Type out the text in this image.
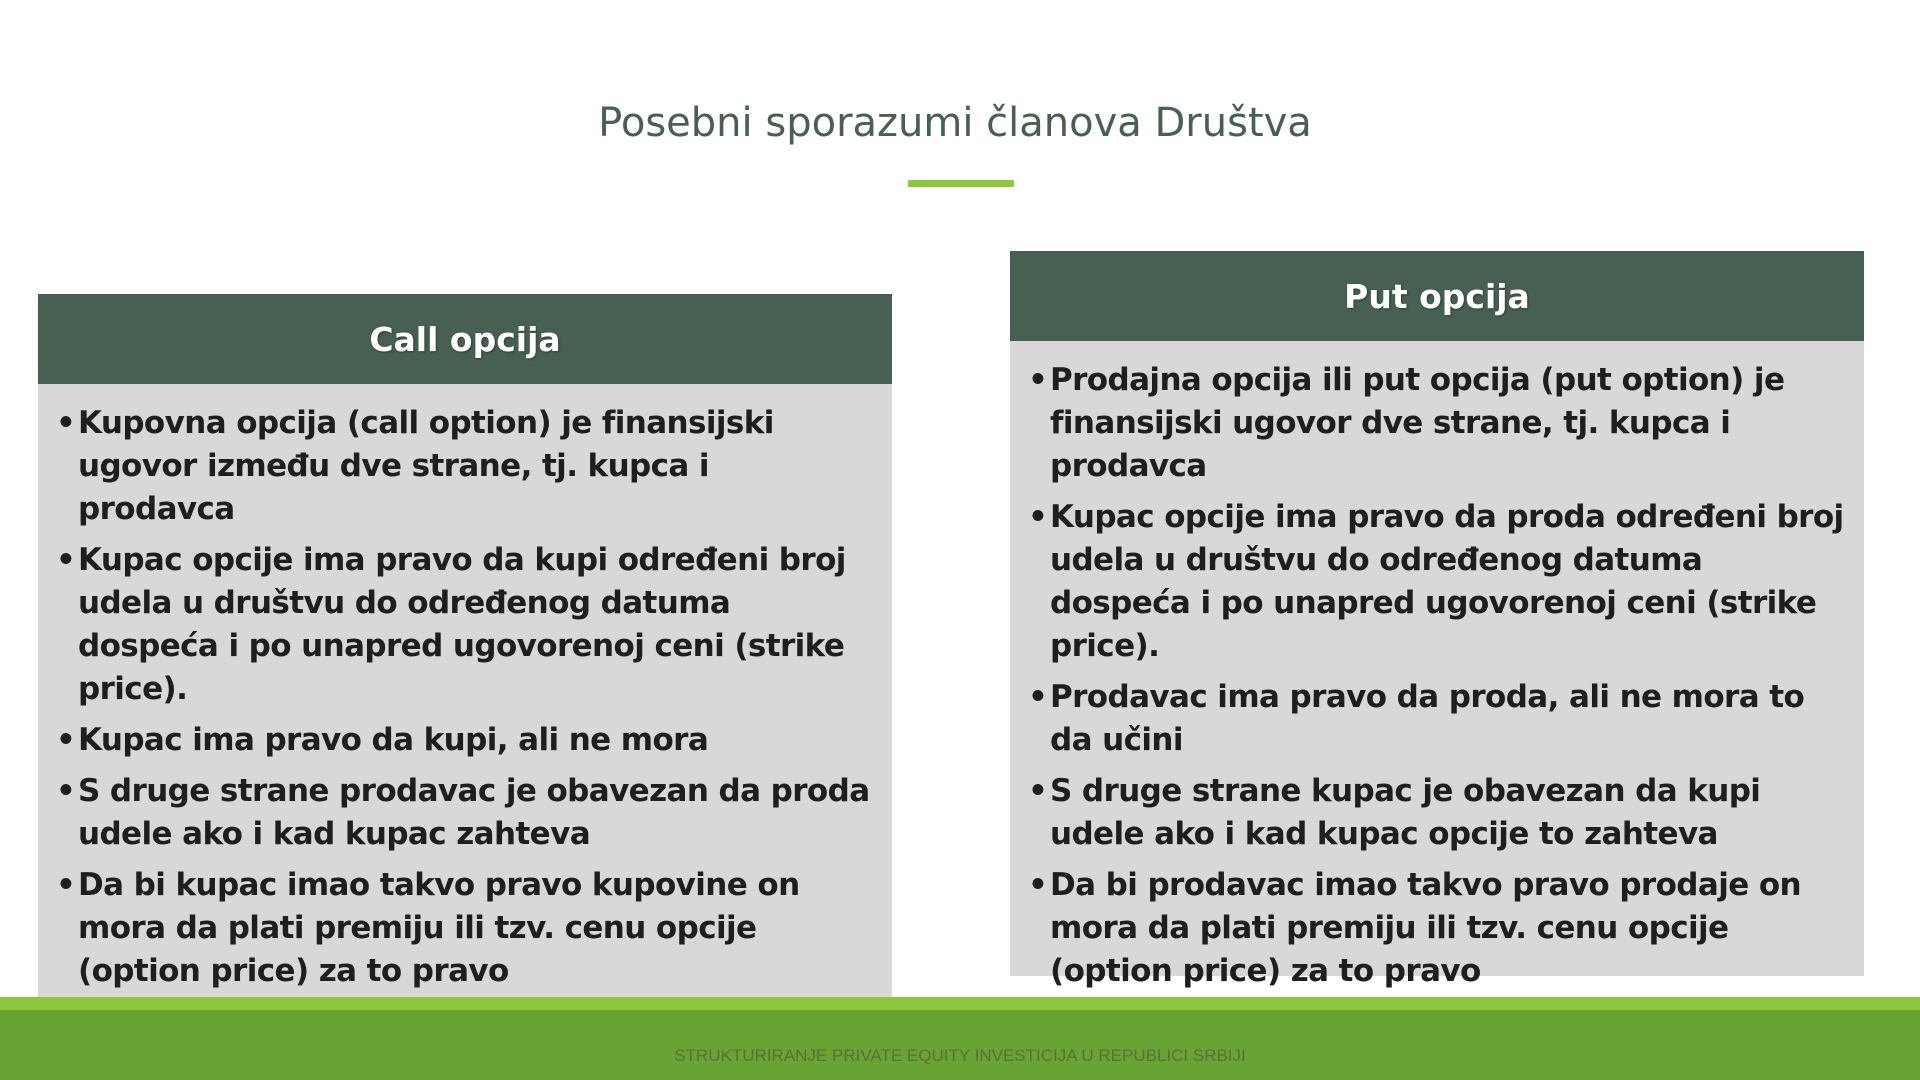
Posebni sporazumi članova Društva
Call opcija
• Kupovna opcija (call option) je finansijski ugovor između dve strane, tj. kupca i prodavca
• Kupac opcije ima pravo da kupi određeni broj udela u društvu do određenog datuma dospeća i po unapred ugovorenoj ceni (strike price).
• Kupac ima pravo da kupi, ali ne mora
• S druge strane prodavac je obavezan da proda udele ako i kad kupac zahteva
• Da bi kupac imao takvo pravo kupovine on mora da plati premiju ili tzv. cenu opcije (option price) za to pravo
Put opcija
• Prodajna opcija ili put opcija (put option) je finansijski ugovor dve strane, tj. kupca i prodavca
• Kupac opcije ima pravo da proda određeni broj udela u društvu do određenog datuma dospeća i po unapred ugovorenoj ceni (strike price).
• Prodavac ima pravo da proda, ali ne mora to da učini
• S druge strane kupac je obavezan da kupi udele ako i kad kupac opcije to zahteva
• Da bi prodavac imao takvo pravo prodaje on mora da plati premiju ili tzv. cenu opcije (option price) za to pravo
STRUKTURIRANJE PRIVATE EQUITY INVESTICIJA U REPUBLICI SRBIJI
